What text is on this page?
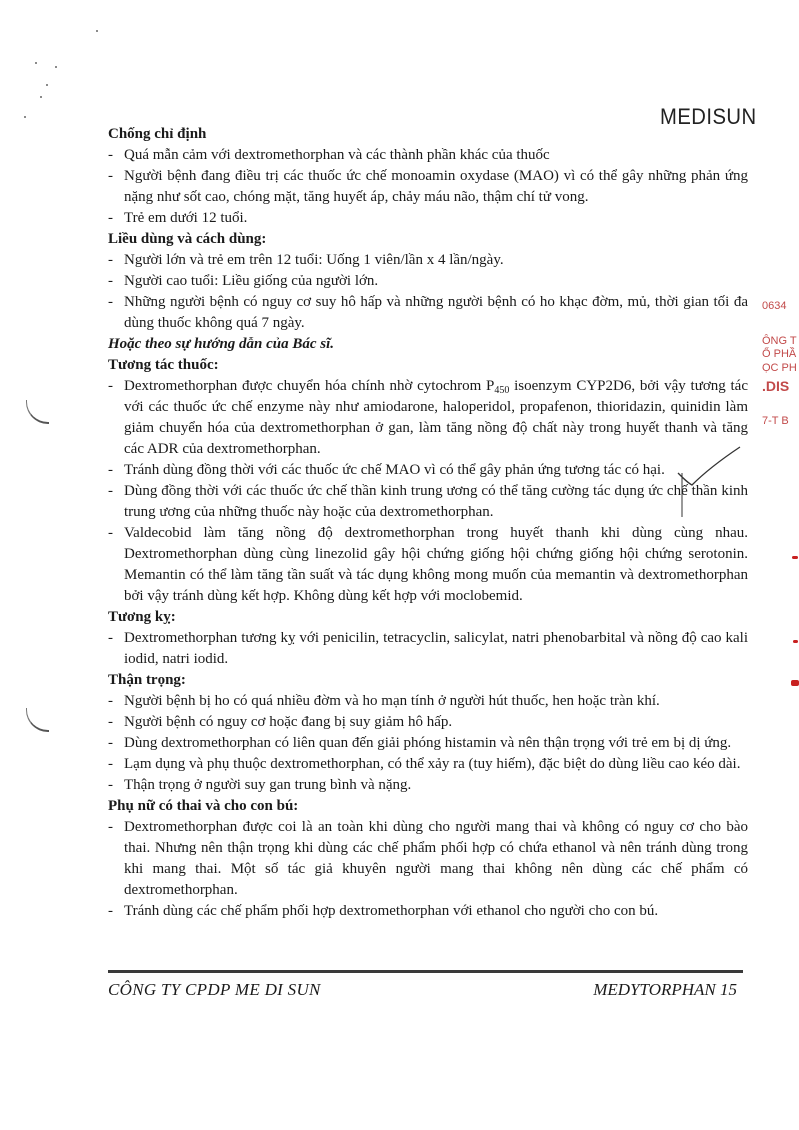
MEDISUN
Chống chỉ định
- Quá mẫn cảm với dextromethorphan và các thành phần khác của thuốc
- Người bệnh đang điều trị các thuốc ức chế monoamin oxydase (MAO) vì có thể gây những phản ứng nặng như sốt cao, chóng mặt, tăng huyết áp, chảy máu não, thậm chí tử vong.
- Trẻ em dưới 12 tuổi.
Liều dùng và cách dùng:
- Người lớn và trẻ em trên 12 tuổi: Uống 1 viên/lần x 4 lần/ngày.
- Người cao tuổi: Liều giống của người lớn.
- Những người bệnh có nguy cơ suy hô hấp và những người bệnh có ho khạc đờm, mủ, thời gian tối đa dùng thuốc không quá 7 ngày.

Hoặc theo sự hướng dẫn của Bác sĩ.

Tương tác thuốc:
- Dextromethorphan được chuyển hóa chính nhờ cytochrom $P_{450}$ isoenzym CYP2D6, bởi vậy tương tác với các thuốc ức chế enzyme này như amiodarone, haloperidol, propafenon, thioridazin, quinidin làm giảm chuyển hóa của dextromethorphan ở gan, làm tăng nồng độ chất này trong huyết thanh và tăng các ADR của dextromethorphan.
- Tránh dùng đồng thời với các thuốc ức chế MAO vì có thể gây phản ứng tương tác có hại.
- Dùng đồng thời với các thuốc ức chế thần kinh trung ương có thể tăng cường tác dụng ức chế thần kinh trung ương của những thuốc này hoặc của dextromethorphan.
- Valdecobid làm tăng nồng độ dextromethorphan trong huyết thanh khi dùng cùng nhau. Dextromethorphan dùng cùng linezolid gây hội chứng giống hội chứng giống hội chứng serotonin. Memantin có thể làm tăng tần suất và tác dụng không mong muốn của memantin và dextromethorphan bởi vậy tránh dùng kết hợp. Không dùng kết hợp với moclobemid.
Tương kỵ:
- Dextromethorphan tương kỵ với penicilin, tetracyclin, salicylat, natri phenobarbital và nồng độ cao kali iodid, natri iodid.
Thận trọng:
- Người bệnh bị ho có quá nhiều đờm và ho mạn tính ở người hút thuốc, hen hoặc tràn khí.
- Người bệnh có nguy cơ hoặc đang bị suy giảm hô hấp.
- Dùng dextromethorphan có liên quan đến giải phóng histamin và nên thận trọng với trẻ em bị dị ứng.
- Lạm dụng và phụ thuộc dextromethorphan, có thể xảy ra (tuy hiếm), đặc biệt do dùng liều cao kéo dài.
- Thận trọng ở người suy gan trung bình và nặng.
Phụ nữ có thai và cho con bú:
- Dextromethorphan được coi là an toàn khi dùng cho người mang thai và không có nguy cơ cho bào thai. Nhưng nên thận trọng khi dùng các chế phẩm phối hợp có chứa ethanol và nên tránh dùng trong khi mang thai. Một số tác giả khuyên người mang thai không nên dùng các chế phẩm có dextromethorphan.
- Tránh dùng các chế phẩm phối hợp dextromethorphan với ethanol cho người cho con bú.
CÔNG TY CPDP ME DI SUN	MEDYTORPHAN 15
0634
ÔNG T
Ổ PHẦ
ỌC PH
.DIS
7-T B
